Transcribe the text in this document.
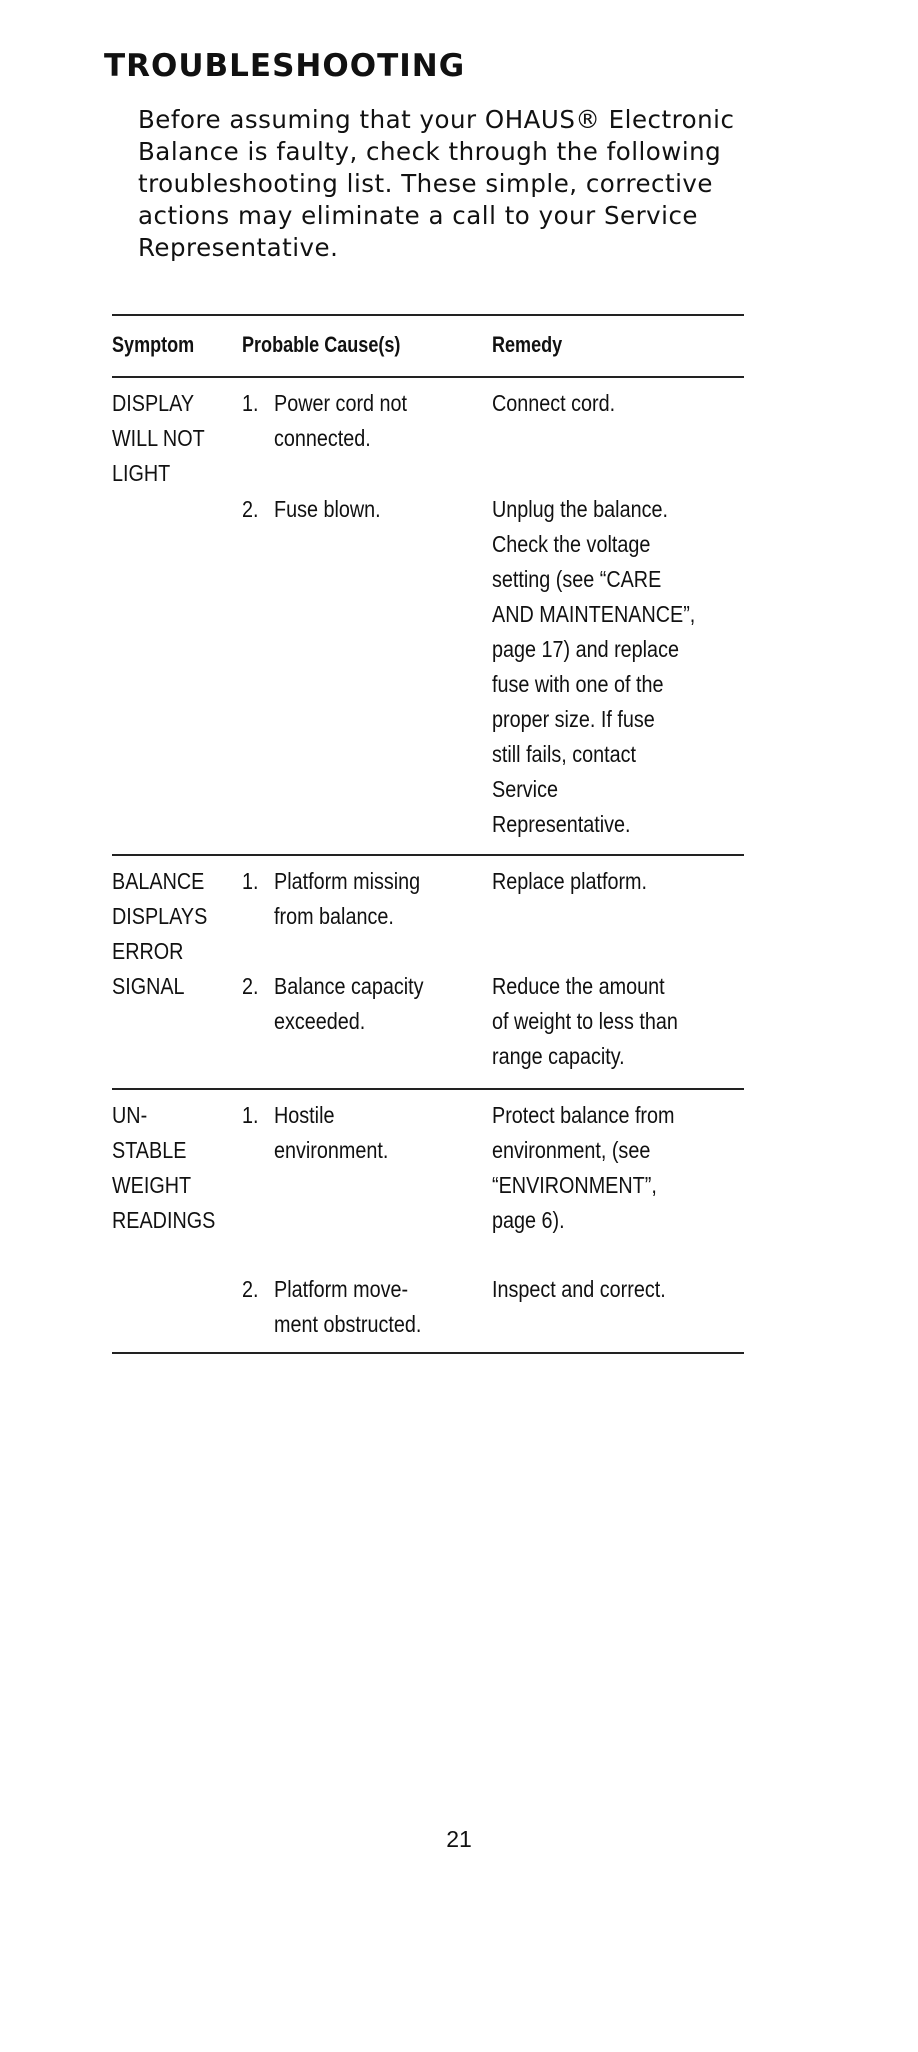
TROUBLESHOOTING
Before assuming that your OHAUS® Electronic
Balance is faulty, check through the following
troubleshooting list. These simple, corrective
actions may eliminate a call to your Service
Representative.
Symptom Probable Cause(s)	Remedy
DISPLAY
WILL NOT
LIGHT
1. Power cord not
connected.
Connect cord.
2. Fuse blown.	Unplug the balance.
Check the voltage
setting (see “CARE
AND MAINTENANCE”,
page 17) and replace
fuse with one of the
proper size. If fuse
still fails, contact
Service
Representative.
BALANCE
DISPLAYS
ERROR
SIGNAL
1. Platform missing
from balance.
Replace platform.
2. Balance capacity
exceeded.
Reduce the amount
of weight to less than
range capacity.
UN-
STABLE
WEIGHT
READINGS
1. Hostile
environment.
Protect balance from
environment, (see
“ENVIRONMENT”,
page 6).
2. Platform move-
ment obstructed.
Inspect and correct.
21
